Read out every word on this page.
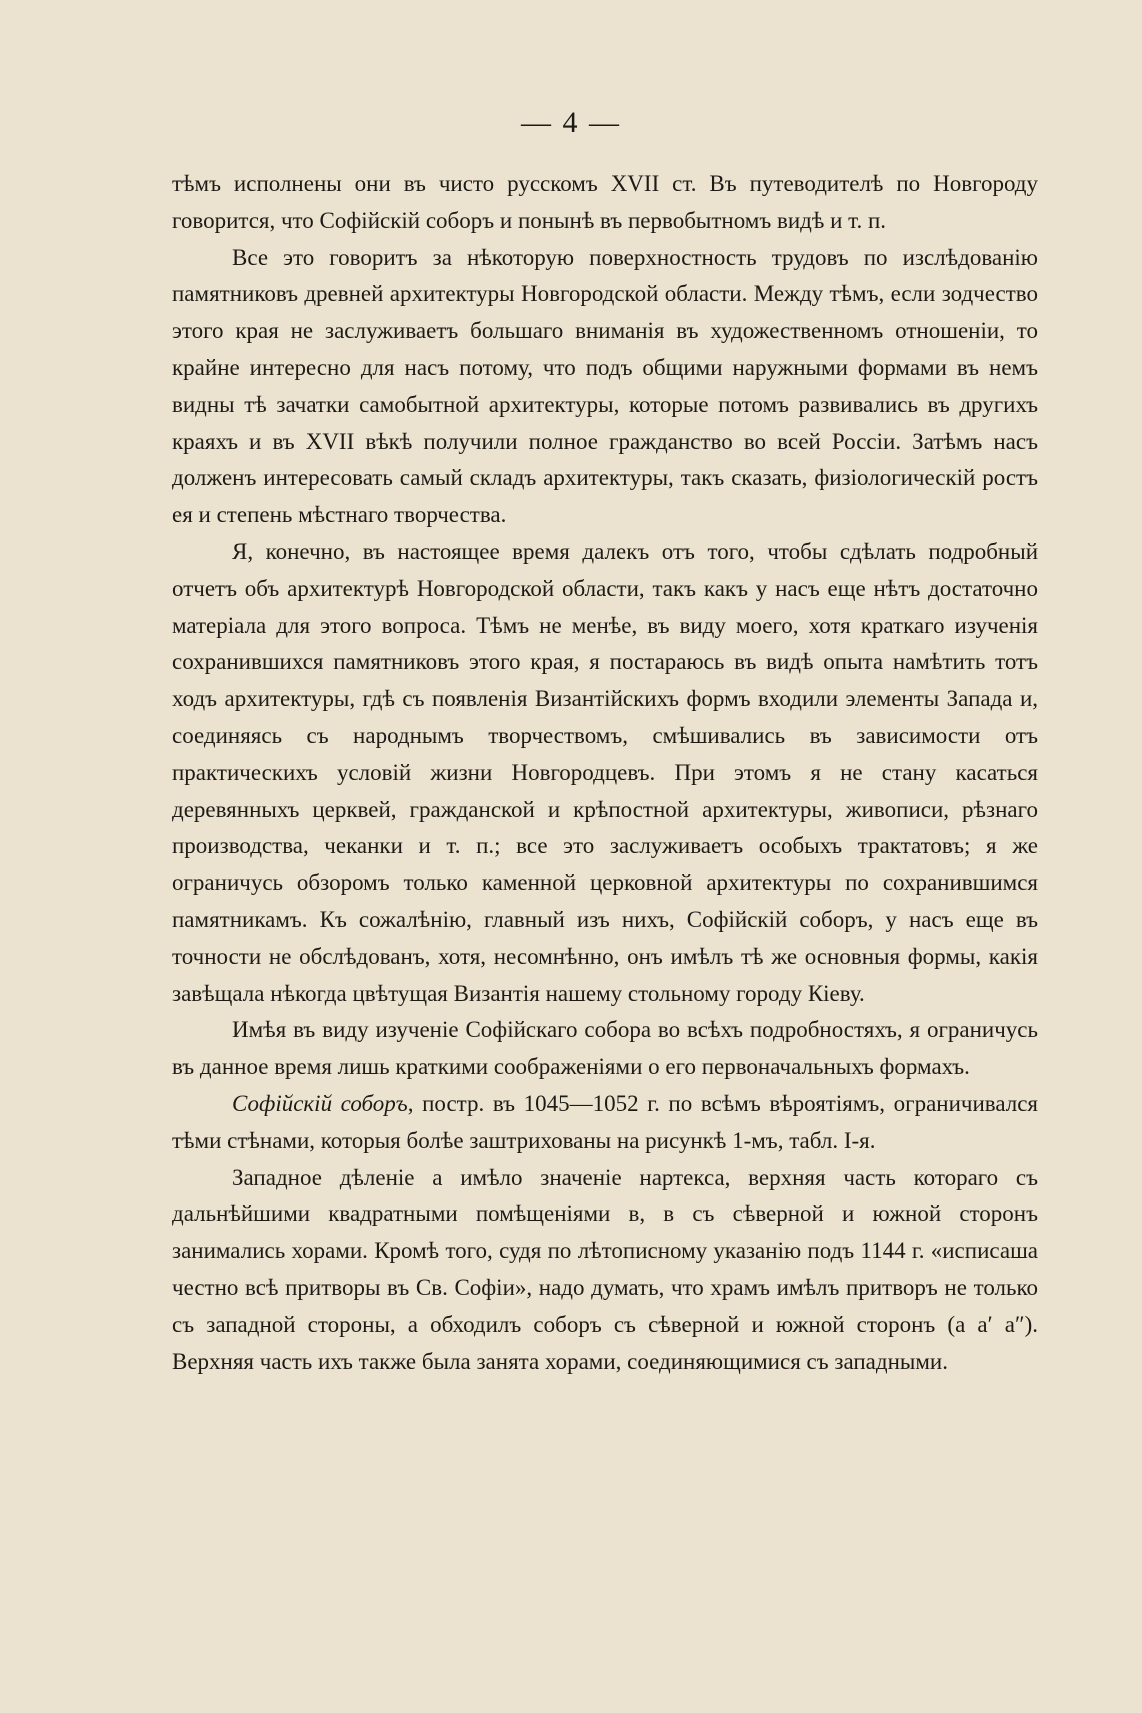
— 4 —

тѣмъ исполнены они въ чисто русскомъ XVII ст. Въ путеводителѣ по Новгороду говорится, что Софійскій соборъ и понынѣ въ первобытномъ видѣ и т. п.

Все это говоритъ за нѣкоторую поверхностность трудовъ по изслѣдованію памятниковъ древней архитектуры Новгородской области. Между тѣмъ, если зодчество этого края не заслуживаетъ большаго вниманія въ художественномъ отношеніи, то крайне интересно для насъ потому, что подъ общими наружными формами въ немъ видны тѣ зачатки самобытной архитектуры, которые потомъ развивались въ другихъ краяхъ и въ XVII вѣкѣ получили полное гражданство во всей Россіи. Затѣмъ насъ долженъ интересовать самый складъ архитектуры, такъ сказать, физіологическій ростъ ея и степень мѣстнаго творчества.

Я, конечно, въ настоящее время далекъ отъ того, чтобы сдѣлать подробный отчетъ объ архитектурѣ Новгородской области, такъ какъ у насъ еще нѣтъ достаточно матеріала для этого вопроса. Тѣмъ не менѣе, въ виду моего, хотя краткаго изученія сохранившихся памятниковъ этого края, я постараюсь въ видѣ опыта намѣтить тотъ ходъ архитектуры, гдѣ съ появленія Византійскихъ формъ входили элементы Запада и, соединяясь съ народнымъ творчествомъ, смѣшивались въ зависимости отъ практическихъ условій жизни Новгородцевъ. При этомъ я не стану касаться деревянныхъ церквей, гражданской и крѣпостной архитектуры, живописи, рѣзнаго производства, чеканки и т. п.; все это заслуживаетъ особыхъ трактатовъ; я же ограничусь обзоромъ только каменной церковной архитектуры по сохранившимся памятникамъ. Къ сожалѣнію, главный изъ нихъ, Софійскій соборъ, у насъ еще въ точности не обслѣдованъ, хотя, несомнѣнно, онъ имѣлъ тѣ же основныя формы, какія завѣщала нѣкогда цвѣтущая Византія нашему стольному городу Кіеву.

Имѣя въ виду изученіе Софійскаго собора во всѣхъ подробностяхъ, я ограничусь въ данное время лишь краткими соображеніями о его первоначальныхъ формахъ.

Софійскій соборъ, постр. въ 1045—1052 г. по всѣмъ вѣроятіямъ, ограничивался тѣми стѣнами, которыя болѣе заштрихованы на рисункѣ 1-мъ, табл. I-я.

Западное дѣленіе а имѣло значеніе нартекса, верхняя часть котораго съ дальнѣйшими квадратными помѣщеніями в, в съ сѣверной и южной сторонъ занимались хорами. Кромѣ того, судя по лѣтописному указанію подъ 1144 г. «исписаша честно всѣ притворы въ Св. Софіи», надо думать, что храмъ имѣлъ притворъ не только съ западной стороны, а обходилъ соборъ съ сѣверной и южной сторонъ (а а′ а″). Верхняя часть ихъ также была занята хорами, соединяющимися съ западными.
